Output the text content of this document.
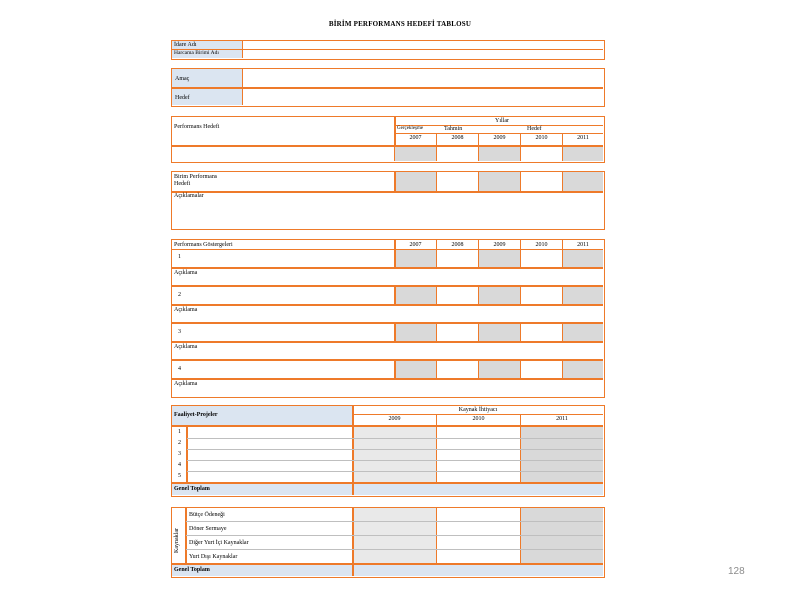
BİRİM PERFORMANS HEDEFİ TABLOSU
İdare Adı
Harcama Birimi Adı
Amaç
Hedef
Performans Hedefi
Yıllar
Gerçekleşme	Tahmin	Hedef
2007	2008	2009	2010	2011
Birim Performans
Hedefi
Açıklamalar
Performans Göstergeleri	2007	2008	2009	2010	2011
1
Açıklama
2
Açıklama
3
Açıklama
4
Açıklama
Faaliyet-Projeler
Kaynak İhtiyacı
2009	2010	2011
1
2
3
4
5
Genel Toplam
Kaynaklar
Bütçe Ödeneği
Döner Sermaye
Diğer Yurt İçi Kaynaklar
Yurt Dışı Kaynaklar
Genel Toplam	128
